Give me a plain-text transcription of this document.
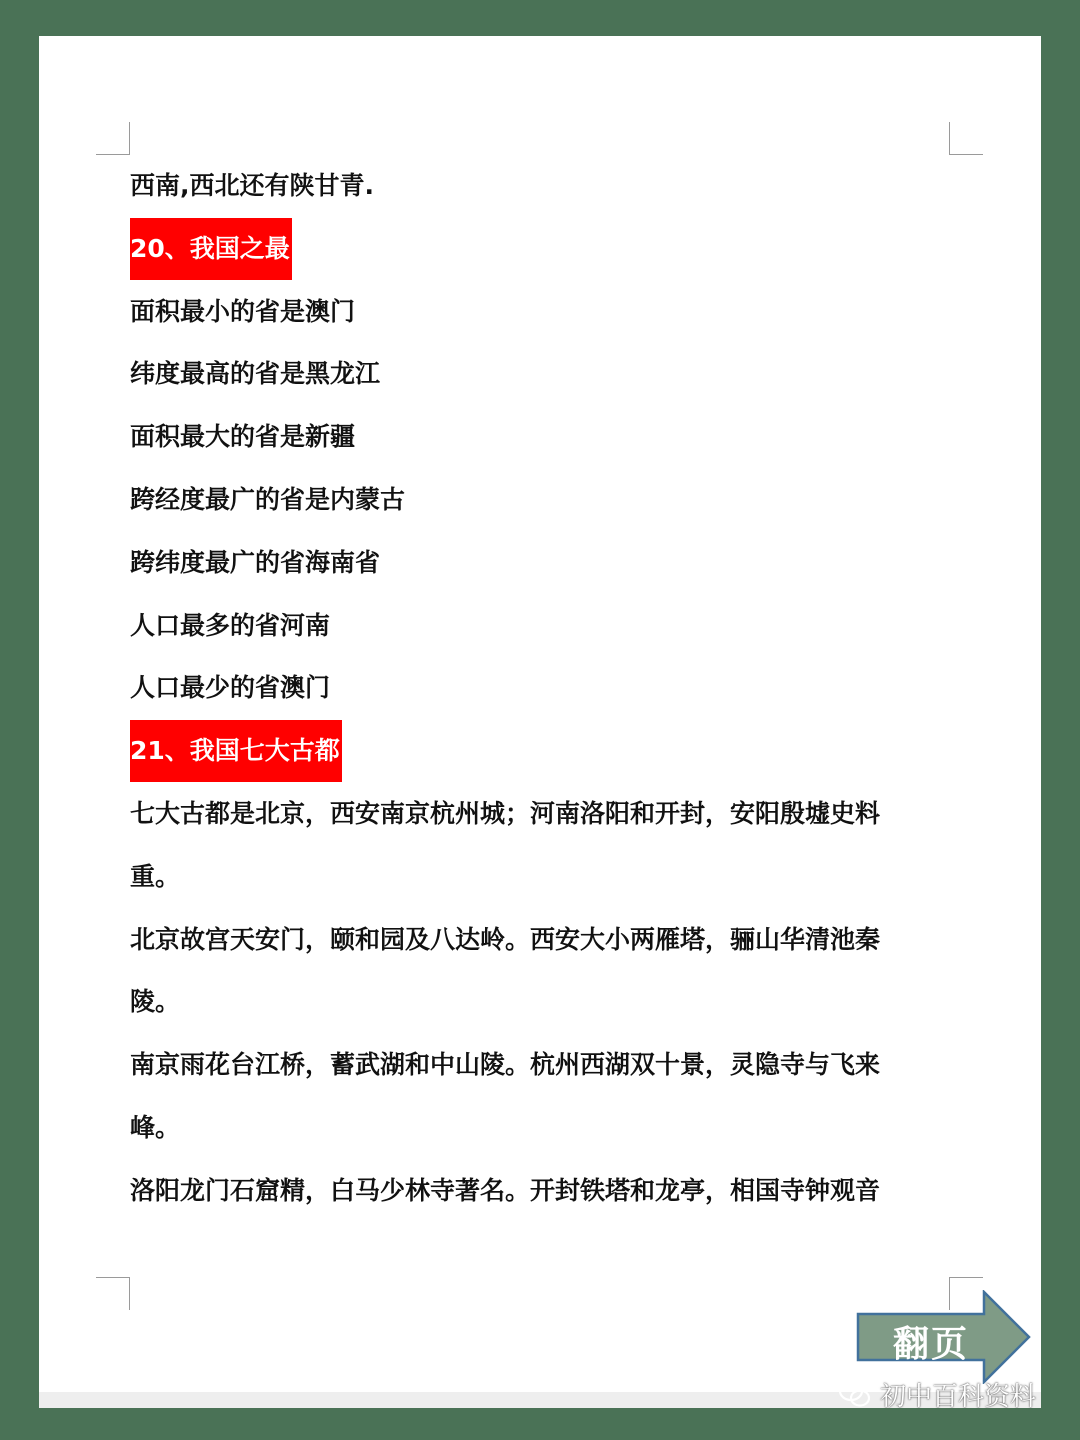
西南,西北还有陕甘青.
20、我国之最
面积最小的省是澳门
纬度最高的省是黑龙江
面积最大的省是新疆
跨经度最广的省是内蒙古
跨纬度最广的省海南省
人口最多的省河南
人口最少的省澳门
21、我国七大古都
七大古都是北京，西安南京杭州城；河南洛阳和开封，安阳殷墟史料
重。
北京故宫天安门，颐和园及八达岭。西安大小两雁塔，骊山华清池秦
陵。
南京雨花台江桥，蓄武湖和中山陵。杭州西湖双十景，灵隐寺与飞来
峰。
洛阳龙门石窟精，白马少林寺著名。开封铁塔和龙亭，相国寺钟观音
翻页
初中百科资料
